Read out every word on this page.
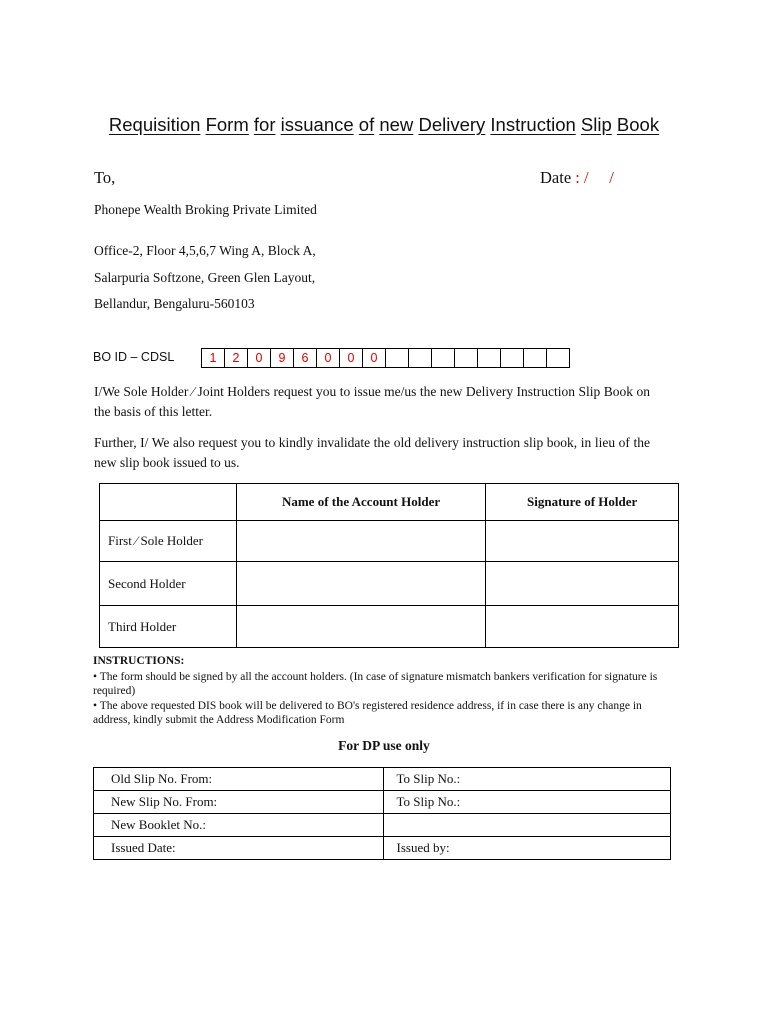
Requisition Form for issuance of new Delivery Instruction Slip Book
To,	Date : /     /
Phonepe Wealth Broking Private Limited
Office-2, Floor 4,5,6,7 Wing A, Block A,
Salarpuria Softzone, Green Glen Layout,
Bellandur, Bengaluru-560103
BO ID – CDSL	1	2	0	9	6	0	0	0
I/We Sole Holder ⁄ Joint Holders request you to issue me/us the new Delivery Instruction Slip Book on the basis of this letter.
Further, I/ We also request you to kindly invalidate the old delivery instruction slip book, in lieu of the new slip book issued to us.
	Name of the Account Holder	Signature of Holder
First ⁄ Sole Holder		
Second Holder		
Third Holder		
INSTRUCTIONS:
• The form should be signed by all the account holders. (In case of signature mismatch bankers verification for signature is required)
• The above requested DIS book will be delivered to BO's registered residence address, if in case there is any change in address, kindly submit the Address Modification Form
For DP use only
Old Slip No. From:	To Slip No.:
New Slip No. From:	To Slip No.:
New Booklet No.:	
Issued Date:	Issued by:
